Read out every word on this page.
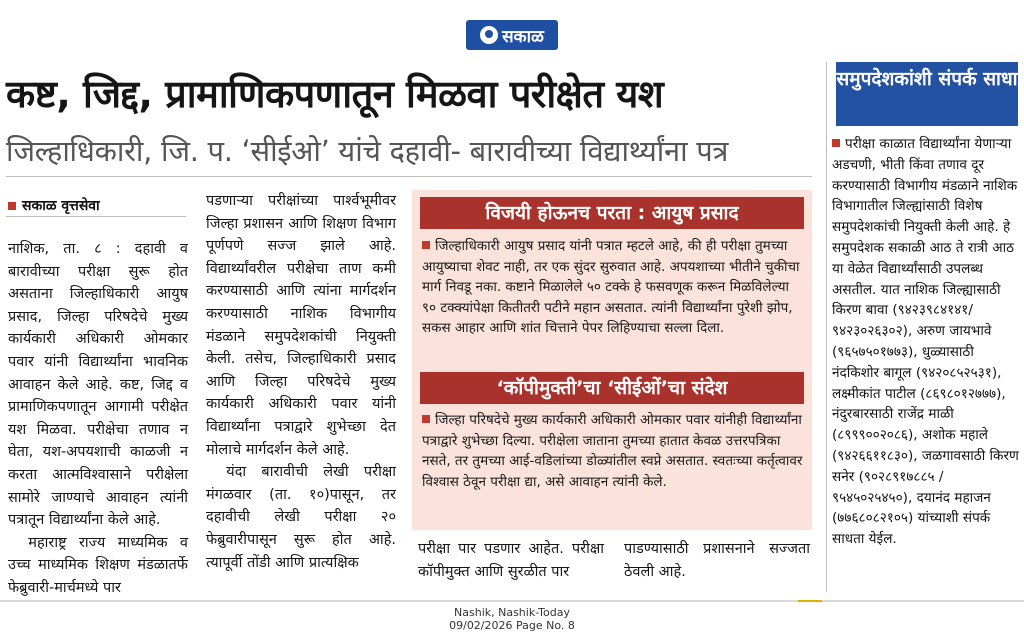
सकाळ
कष्ट, जिद्द, प्रामाणिकपणातून मिळवा परीक्षेत यश
जिल्हाधिकारी, जि. प. ‘सीईओ’ यांचे दहावी- बारावीच्या विद्यार्थ्यांना पत्र
सकाळ वृत्तसेवा

नाशिक, ता. ८ : दहावी व बारावीच्या परीक्षा सुरू होत असताना जिल्हाधिकारी आयुष प्रसाद, जिल्हा परिषदेचे मुख्य कार्यकारी अधिकारी ओमकार पवार यांनी विद्यार्थ्यांना भावनिक आवाहन केले आहे. कष्ट, जिद्द व प्रामाणिकपणातून आगामी परीक्षेत यश मिळवा. परीक्षेचा तणाव न घेता, यश-अपयशाची काळजी न करता आत्मविश्वासाने परीक्षेला सामोरे जाण्याचे आवाहन त्यांनी पत्रातून विद्यार्थ्यांना केले आहे.

महाराष्ट्र राज्य माध्यमिक व उच्च माध्यमिक शिक्षण मंडळातर्फे फेब्रुवारी-मार्चमध्ये पार

पडणाऱ्या परीक्षांच्या पार्श्वभूमीवर जिल्हा प्रशासन आणि शिक्षण विभाग पूर्णपणे सज्ज झाले आहे. विद्यार्थ्यांवरील परीक्षेचा ताण कमी करण्यासाठी आणि त्यांना मार्गदर्शन करण्यासाठी नाशिक विभागीय मंडळाने समुपदेशकांची नियुक्ती केली. तसेच, जिल्हाधिकारी प्रसाद आणि जिल्हा परिषदेचे मुख्य कार्यकारी अधिकारी पवार यांनी विद्यार्थ्यांना पत्राद्वारे शुभेच्छा देत मोलाचे मार्गदर्शन केले आहे.

यंदा बारावीची लेखी परीक्षा मंगळवार (ता. १०)पासून, तर दहावीची लेखी परीक्षा २० फेब्रुवारीपासून सुरू होत आहे. त्यापूर्वी तोंडी आणि प्रात्यक्षिक

विजयी होऊनच परता : आयुष प्रसाद
जिल्हाधिकारी आयुष प्रसाद यांनी पत्रात म्हटले आहे, की ही परीक्षा तुमच्या आयुष्याचा शेवट नाही, तर एक सुंदर सुरुवात आहे. अपयशाच्या भीतीने चुकीचा मार्ग निवडू नका. कष्टाने मिळालेले ५० टक्के हे फसवणूक करून मिळविलेल्या ९० टक्क्यांपेक्षा कितीतरी पटीने महान असतात. त्यांनी विद्यार्थ्यांना पुरेशी झोप, सकस आहार आणि शांत चित्ताने पेपर लिहिण्याचा सल्ला दिला.
‘कॉपीमुक्ती’चा ‘सीईओं’चा संदेश
जिल्हा परिषदेचे मुख्य कार्यकारी अधिकारी ओमकार पवार यांनीही विद्यार्थ्यांना पत्राद्वारे शुभेच्छा दिल्या. परीक्षेला जाताना तुमच्या हातात केवळ उत्तरपत्रिका नसते, तर तुमच्या आई-वडिलांच्या डोळ्यांतील स्वप्ने असतात. स्वतःच्या कर्तृत्वावर विश्वास ठेवून परीक्षा द्या, असे आवाहन त्यांनी केले.

परीक्षा पार पडणार आहेत. परीक्षा कॉपीमुक्त आणि सुरळीत पार

पाडण्यासाठी प्रशासनाने सज्जता ठेवली आहे.

समुपदेशकांशी संपर्क साधा
परीक्षा काळात विद्यार्थ्यांना येणाऱ्या अडचणी, भीती किंवा तणाव दूर करण्यासाठी विभागीय मंडळाने नाशिक विभागातील जिल्ह्यांसाठी विशेष समुपदेशकांची नियुक्ती केली आहे. हे समुपदेशक सकाळी आठ ते रात्री आठ या वेळेत विद्यार्थ्यांसाठी उपलब्ध असतील. यात नाशिक जिल्ह्यासाठी किरण बावा (९४२३९८४१४१/ ९४२३०२६३०२), अरुण जायभावे (९६५७५०१७७३), धुळ्यासाठी नंदकिशोर बागूल (९४२०८५२५३१), लक्ष्मीकांत पाटील (८६९८०१२७७७), नंदुरबारसाठी राजेंद्र माळी (८९९९००२०८६), अशोक महाले (९४२६६११८३०), जळगावसाठी किरण सनेर (९०२८९१७८८५ / ९५४५०२५४५०), दयानंद महाजन (७७६८०८२१०५) यांच्याशी संपर्क साधता येईल.
Nashik, Nashik-Today
09/02/2026 Page No. 8
